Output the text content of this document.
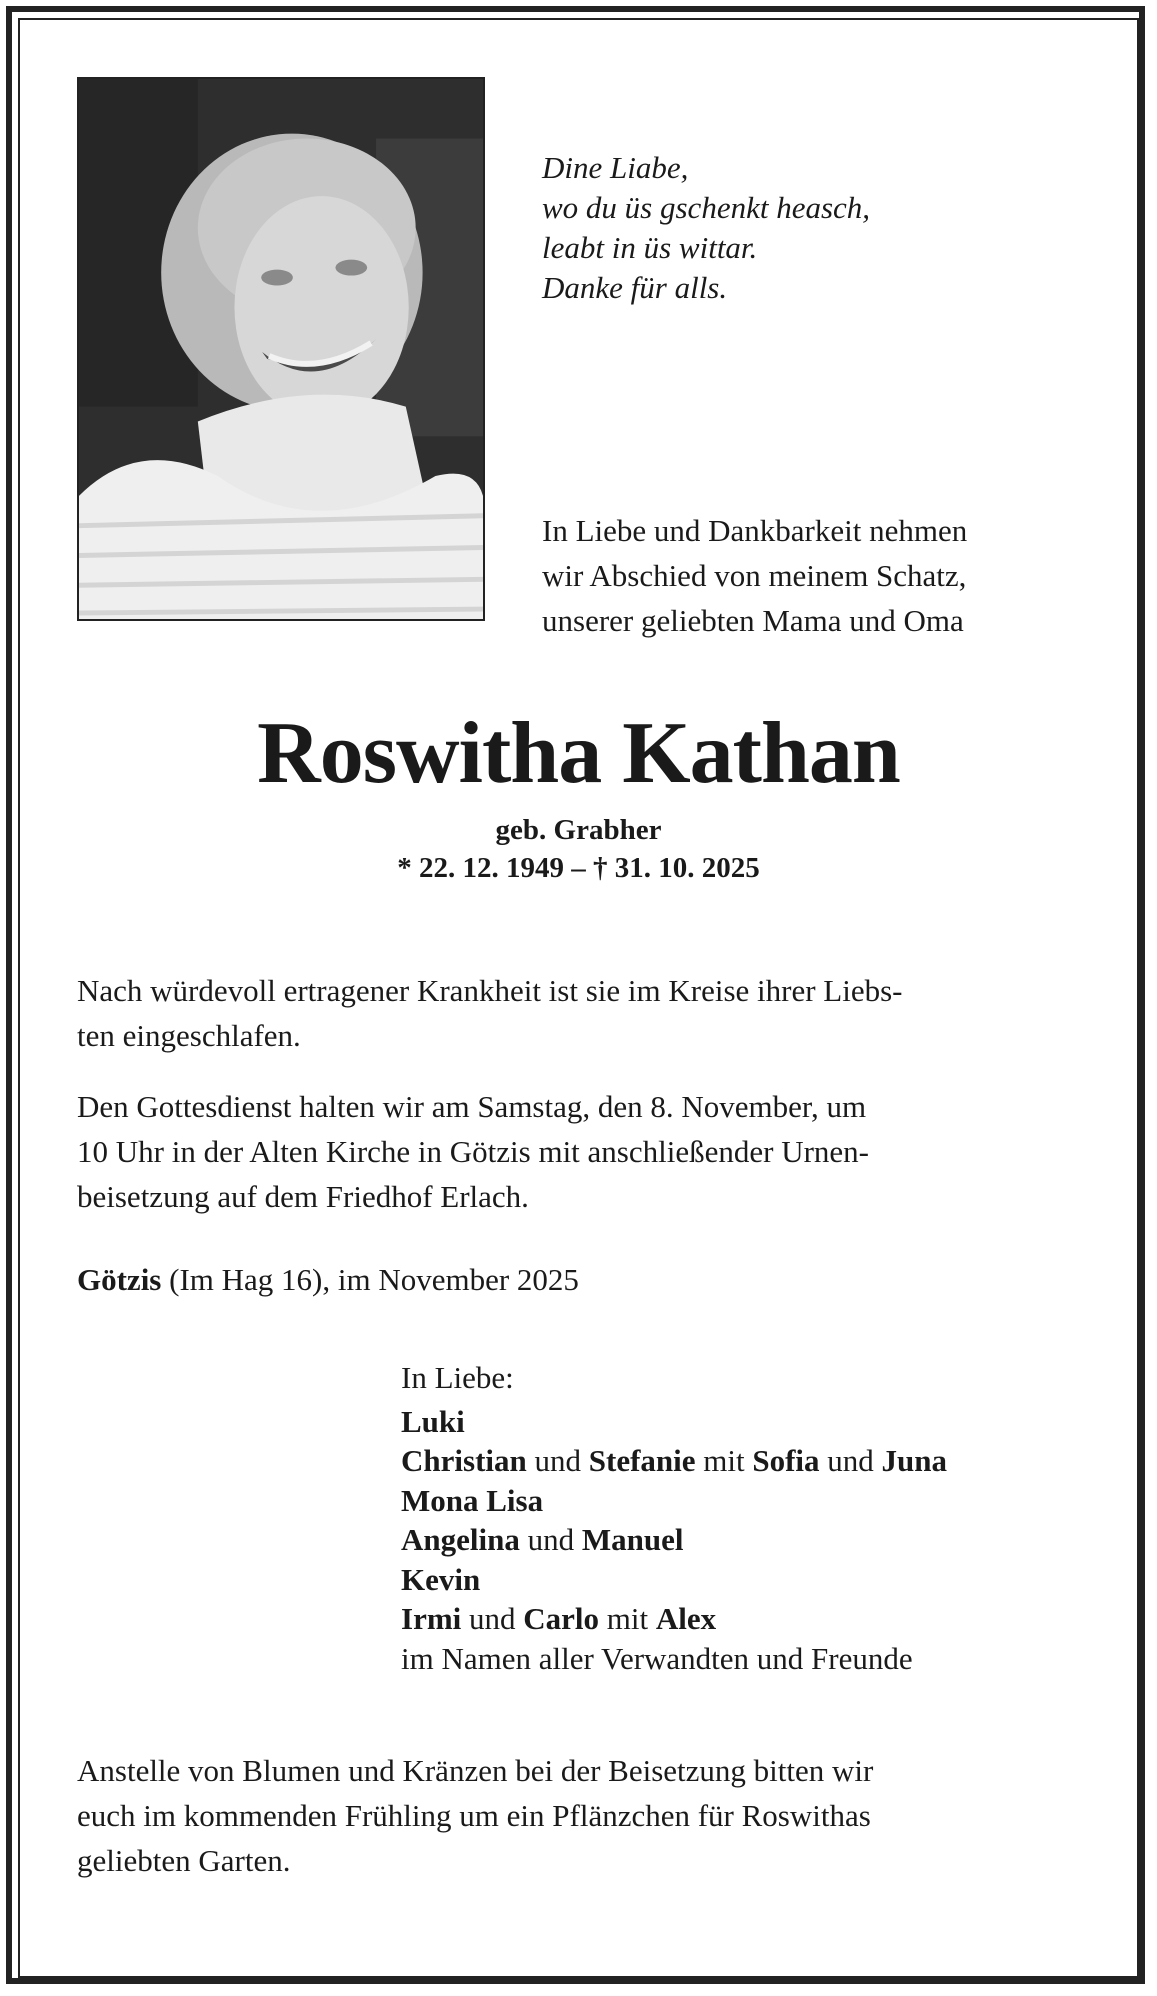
Dine Liabe,
wo du üs gschenkt heasch,
leabt in üs wittar.
Danke für alls.
In Liebe und Dankbarkeit nehmen
wir Abschied von meinem Schatz,
unserer geliebten Mama und Oma
Roswitha Kathan
geb. Grabher
* 22. 12. 1949 – † 31. 10. 2025
Nach würdevoll ertragener Krankheit ist sie im Kreise ihrer Liebs-
ten eingeschlafen.
Den Gottesdienst halten wir am Samstag, den 8. November, um
10 Uhr in der Alten Kirche in Götzis mit anschließender Urnen-
beisetzung auf dem Friedhof Erlach.
Götzis (Im Hag 16), im November 2025
In Liebe:
Luki
Christian und Stefanie mit Sofia und Juna
Mona Lisa
Angelina und Manuel
Kevin
Irmi und Carlo mit Alex
im Namen aller Verwandten und Freunde
Anstelle von Blumen und Kränzen bei der Beisetzung bitten wir
euch im kommenden Frühling um ein Pflänzchen für Roswithas
geliebten Garten.
